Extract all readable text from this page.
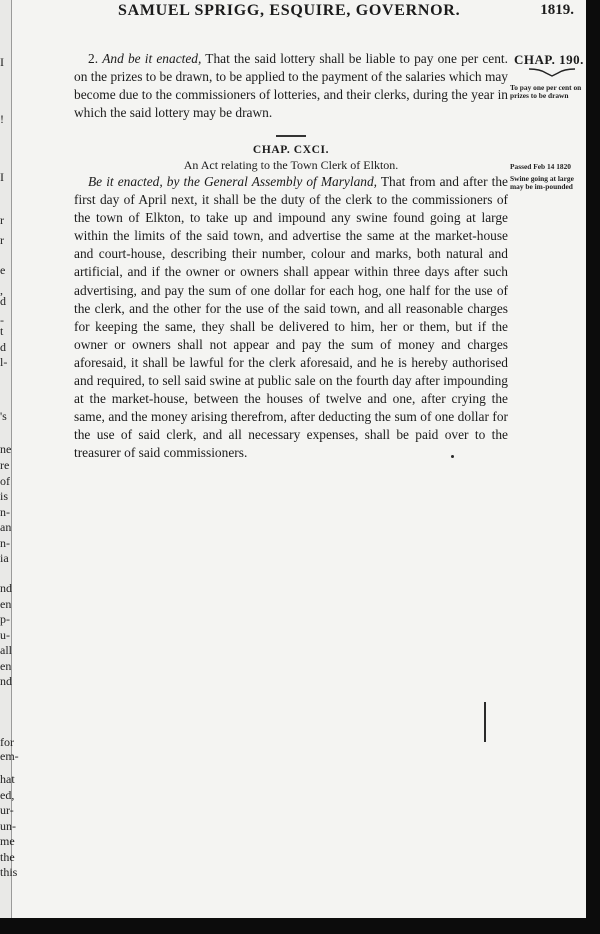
I
!
I
r
r
e
,
d
-
t
d
l-
's
ne
re
of
is
n-
an
n-
ia
nd
en
p-
u-
all
en
nd
for
em-
hat
ed,
ur-
un-
me
the
this
SAMUEL SPRIGG, ESQUIRE, GOVERNOR.	1819.
CHAP. 190.
To pay one per cent on prizes to be drawn
Passed Feb 14 1820
Swine going at large may be im-pounded
2. And be it enacted, That the said lottery shall be liable to pay one per cent. on the prizes to be drawn, to be applied to the payment of the salaries which may become due to the commissioners of lotteries, and their clerks, during the year in which the said lottery may be drawn.
CHAP. CXCI.
An Act relating to the Town Clerk of Elkton.
Be it enacted, by the General Assembly of Maryland, That from and after the first day of April next, it shall be the duty of the clerk to the commissioners of the town of Elkton, to take up and impound any swine found going at large within the limits of the said town, and advertise the same at the market-house and court-house, describing their number, colour and marks, both natural and artificial, and if the owner or owners shall appear within three days after such advertising, and pay the sum of one dollar for each hog, one half for the use of the clerk, and the other for the use of the said town, and all reasonable charges for keeping the same, they shall be delivered to him, her or them, but if the owner or owners shall not appear and pay the sum of money and charges aforesaid, it shall be lawful for the clerk aforesaid, and he is hereby authorised and required, to sell said swine at public sale on the fourth day after impounding at the market-house, between the houses of twelve and one, after crying the same, and the money arising therefrom, after deducting the sum of one dollar for the use of said clerk, and all necessary expenses, shall be paid over to the treasurer of said commissioners.
